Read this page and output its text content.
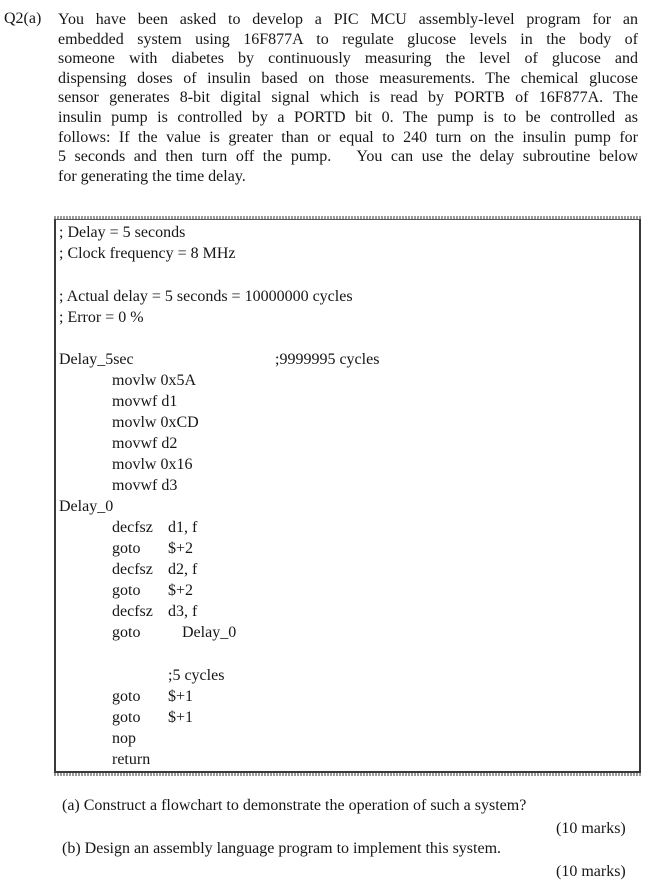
Q2(a) You have been asked to develop a PIC MCU assembly-level program for an
embedded system using 16F877A to regulate glucose levels in the body of
someone with diabetes by continuously measuring the level of glucose and
dispensing doses of insulin based on those measurements. The chemical glucose
sensor generates 8-bit digital signal which is read by PORTB of 16F877A. The
insulin pump is controlled by a PORTD bit 0. The pump is to be controlled as
follows: If the value is greater than or equal to 240 turn on the insulin pump for
5 seconds and then turn off the pump.   You can use the delay subroutine below
for generating the time delay.
; Delay = 5 seconds
; Clock frequency = 8 MHz
; Actual delay = 5 seconds = 10000000 cycles
; Error = 0 %
Delay_5sec	;9999995 cycles
movlw 0x5A
movwf d1
movlw 0xCD
movwf d2
movlw 0x16
movwf d3
Delay_0
decfsz d1, f
goto $+2
decfsz d2, f
goto $+2
decfsz d3, f
goto	Delay_0
;5 cycles
goto $+1
goto $+1
nop
return
(a) Construct a flowchart to demonstrate the operation of such a system?
(10 marks)
(b) Design an assembly language program to implement this system.
(10 marks)
